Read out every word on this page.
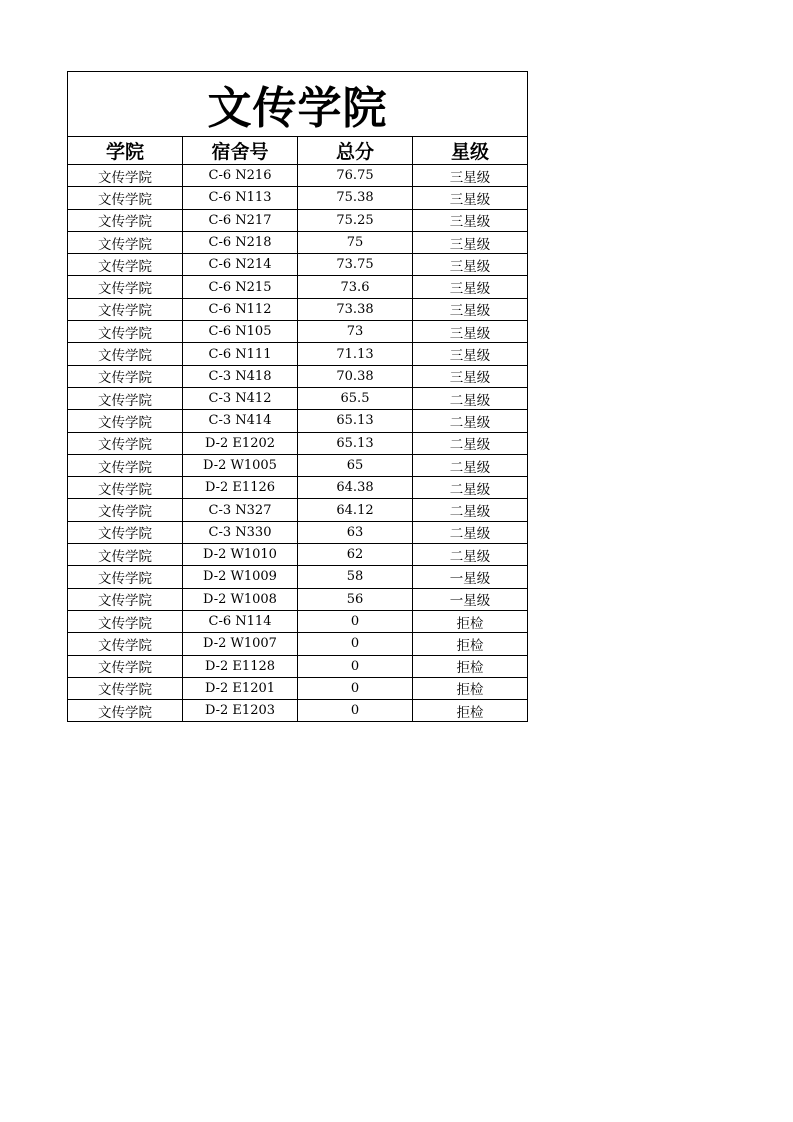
文传学院			
学院	宿舍号	总分	星级
文传学院	C-6 N216	76.75	三星级
文传学院	C-6 N113	75.38	三星级
文传学院	C-6 N217	75.25	三星级
文传学院	C-6 N218	75	三星级
文传学院	C-6 N214	73.75	三星级
文传学院	C-6 N215	73.6	三星级
文传学院	C-6 N112	73.38	三星级
文传学院	C-6 N105	73	三星级
文传学院	C-6 N111	71.13	三星级
文传学院	C-3 N418	70.38	三星级
文传学院	C-3 N412	65.5	二星级
文传学院	C-3 N414	65.13	二星级
文传学院	D-2 E1202	65.13	二星级
文传学院	D-2 W1005	65	二星级
文传学院	D-2 E1126	64.38	二星级
文传学院	C-3 N327	64.12	二星级
文传学院	C-3 N330	63	二星级
文传学院	D-2 W1010	62	二星级
文传学院	D-2 W1009	58	一星级
文传学院	D-2 W1008	56	一星级
文传学院	C-6 N114	0	拒检
文传学院	D-2 W1007	0	拒检
文传学院	D-2 E1128	0	拒检
文传学院	D-2 E1201	0	拒检
文传学院	D-2 E1203	0	拒检
